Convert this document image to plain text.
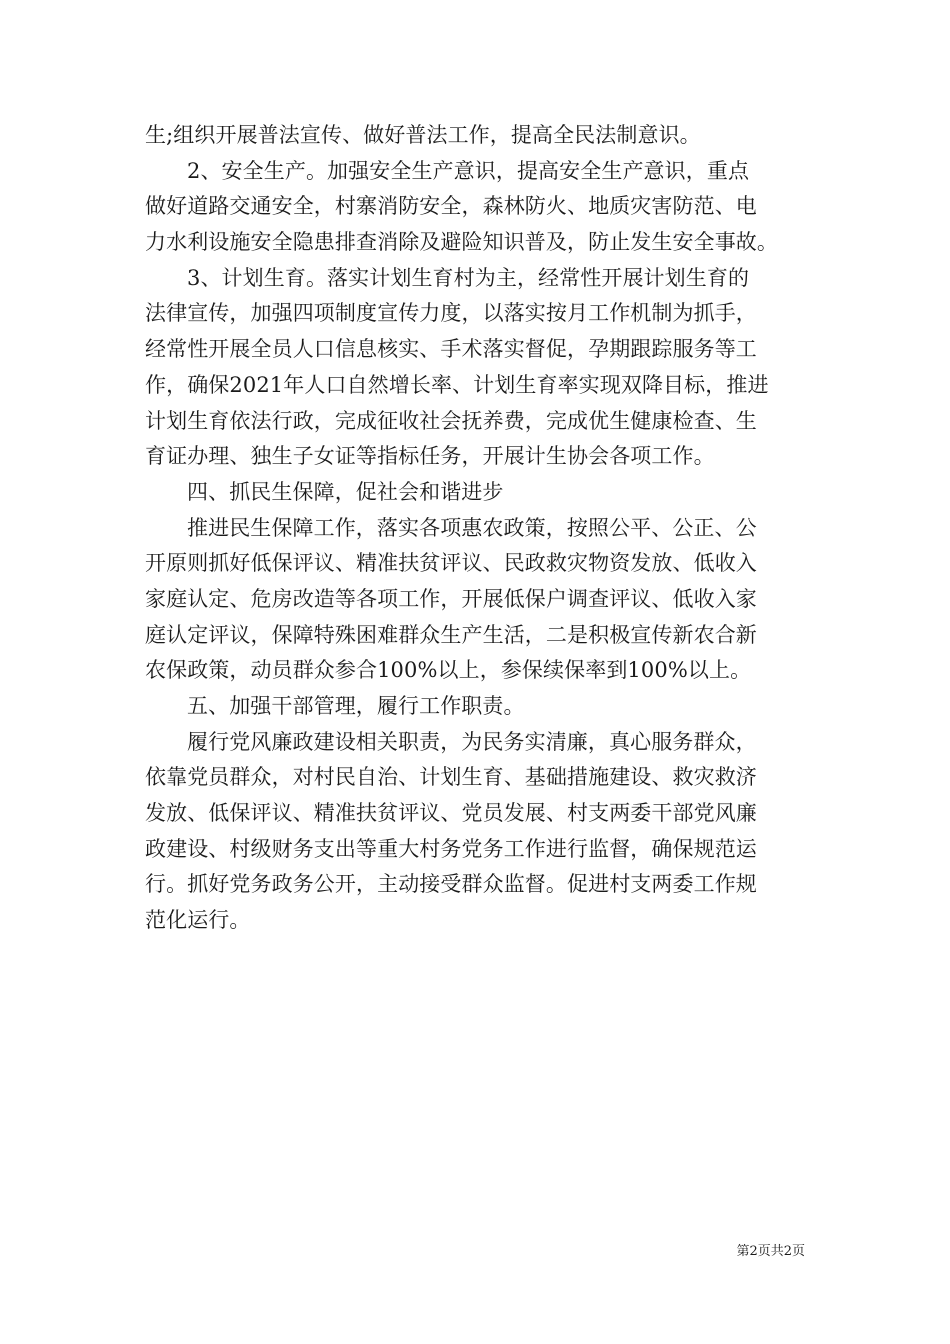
生;组织开展普法宣传、做好普法工作，提高全民法制意识。
2、安全生产。加强安全生产意识，提高安全生产意识，重点
做好道路交通安全，村寨消防安全，森林防火、地质灾害防范、电
力水利设施安全隐患排查消除及避险知识普及，防止发生安全事故。
3、计划生育。落实计划生育村为主，经常性开展计划生育的
法律宣传，加强四项制度宣传力度，以落实按月工作机制为抓手，
经常性开展全员人口信息核实、手术落实督促，孕期跟踪服务等工
作，确保2021年人口自然增长率、计划生育率实现双降目标，推进
计划生育依法行政，完成征收社会抚养费，完成优生健康检查、生
育证办理、独生子女证等指标任务，开展计生协会各项工作。
四、抓民生保障，促社会和谐进步
推进民生保障工作，落实各项惠农政策，按照公平、公正、公
开原则抓好低保评议、精准扶贫评议、民政救灾物资发放、低收入
家庭认定、危房改造等各项工作，开展低保户调查评议、低收入家
庭认定评议，保障特殊困难群众生产生活，二是积极宣传新农合新
农保政策，动员群众参合100%以上，参保续保率到100%以上。
五、加强干部管理，履行工作职责。
履行党风廉政建设相关职责，为民务实清廉，真心服务群众，
依靠党员群众，对村民自治、计划生育、基础措施建设、救灾救济
发放、低保评议、精准扶贫评议、党员发展、村支两委干部党风廉
政建设、村级财务支出等重大村务党务工作进行监督，确保规范运
行。抓好党务政务公开，主动接受群众监督。促进村支两委工作规
范化运行。
第2页共2页
